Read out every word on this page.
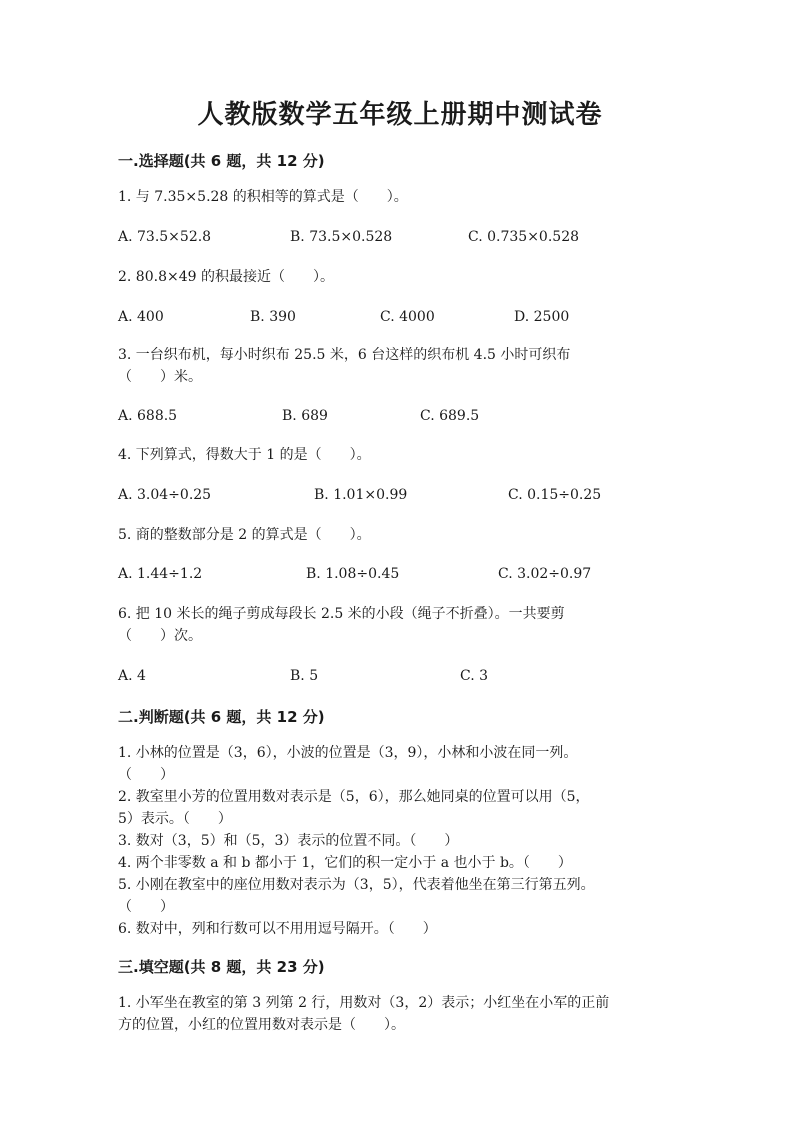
人教版数学五年级上册期中测试卷
一.选择题(共 6 题，共 12 分)
1. 与 7.35×5.28 的积相等的算式是（　　）。
A. 73.5×52.8	B. 73.5×0.528	C. 0.735×0.528
2. 80.8×49 的积最接近（　　）。
A. 400	B. 390	C. 4000	D. 2500
3. 一台织布机，每小时织布 25.5 米，6 台这样的织布机 4.5 小时可织布
（　　）米。
A. 688.5	B. 689	C. 689.5
4. 下列算式，得数大于 1 的是（　　）。
A. 3.04÷0.25	B. 1.01×0.99	C. 0.15÷0.25
5. 商的整数部分是 2 的算式是（　　）。
A. 1.44÷1.2	B. 1.08÷0.45	C. 3.02÷0.97
6. 把 10 米长的绳子剪成每段长 2.5 米的小段（绳子不折叠）。一共要剪
（　　）次。
A. 4	B. 5	C. 3
二.判断题(共 6 题，共 12 分)
1. 小林的位置是（3，6），小波的位置是（3，9），小林和小波在同一列。
（　　）
2. 教室里小芳的位置用数对表示是（5，6），那么她同桌的位置可以用（5，
5）表示。（　　）
3. 数对（3，5）和（5，3）表示的位置不同。（　　）
4. 两个非零数 a 和 b 都小于 1，它们的积一定小于 a 也小于 b。（　　）
5. 小刚在教室中的座位用数对表示为（3，5），代表着他坐在第三行第五列。
（　　）
6. 数对中，列和行数可以不用用逗号隔开。（　　）
三.填空题(共 8 题，共 23 分)
1. 小军坐在教室的第 3 列第 2 行，用数对（3，2）表示；小红坐在小军的正前
方的位置，小红的位置用数对表示是（　　）。
